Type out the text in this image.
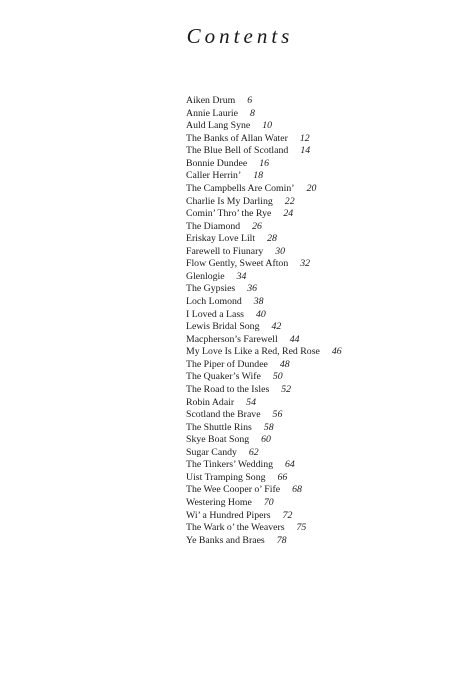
Contents
Aiken Drum 6
Annie Laurie 8
Auld Lang Syne 10
The Banks of Allan Water 12
The Blue Bell of Scotland 14
Bonnie Dundee 16
Caller Herrin’ 18
The Campbells Are Comin’ 20
Charlie Is My Darling 22
Comin’ Thro’ the Rye 24
The Diamond 26
Eriskay Love Lilt 28
Farewell to Fiunary 30
Flow Gently, Sweet Afton 32
Glenlogie 34
The Gypsies 36
Loch Lomond 38
I Loved a Lass 40
Lewis Bridal Song 42
Macpherson’s Farewell 44
My Love Is Like a Red, Red Rose 46
The Piper of Dundee 48
The Quaker’s Wife 50
The Road to the Isles 52
Robin Adair 54
Scotland the Brave 56
The Shuttle Rins 58
Skye Boat Song 60
Sugar Candy 62
The Tinkers’ Wedding 64
Uist Tramping Song 66
The Wee Cooper o’ Fife 68
Westering Home 70
Wi’ a Hundred Pipers 72
The Wark o’ the Weavers 75
Ye Banks and Braes 78
